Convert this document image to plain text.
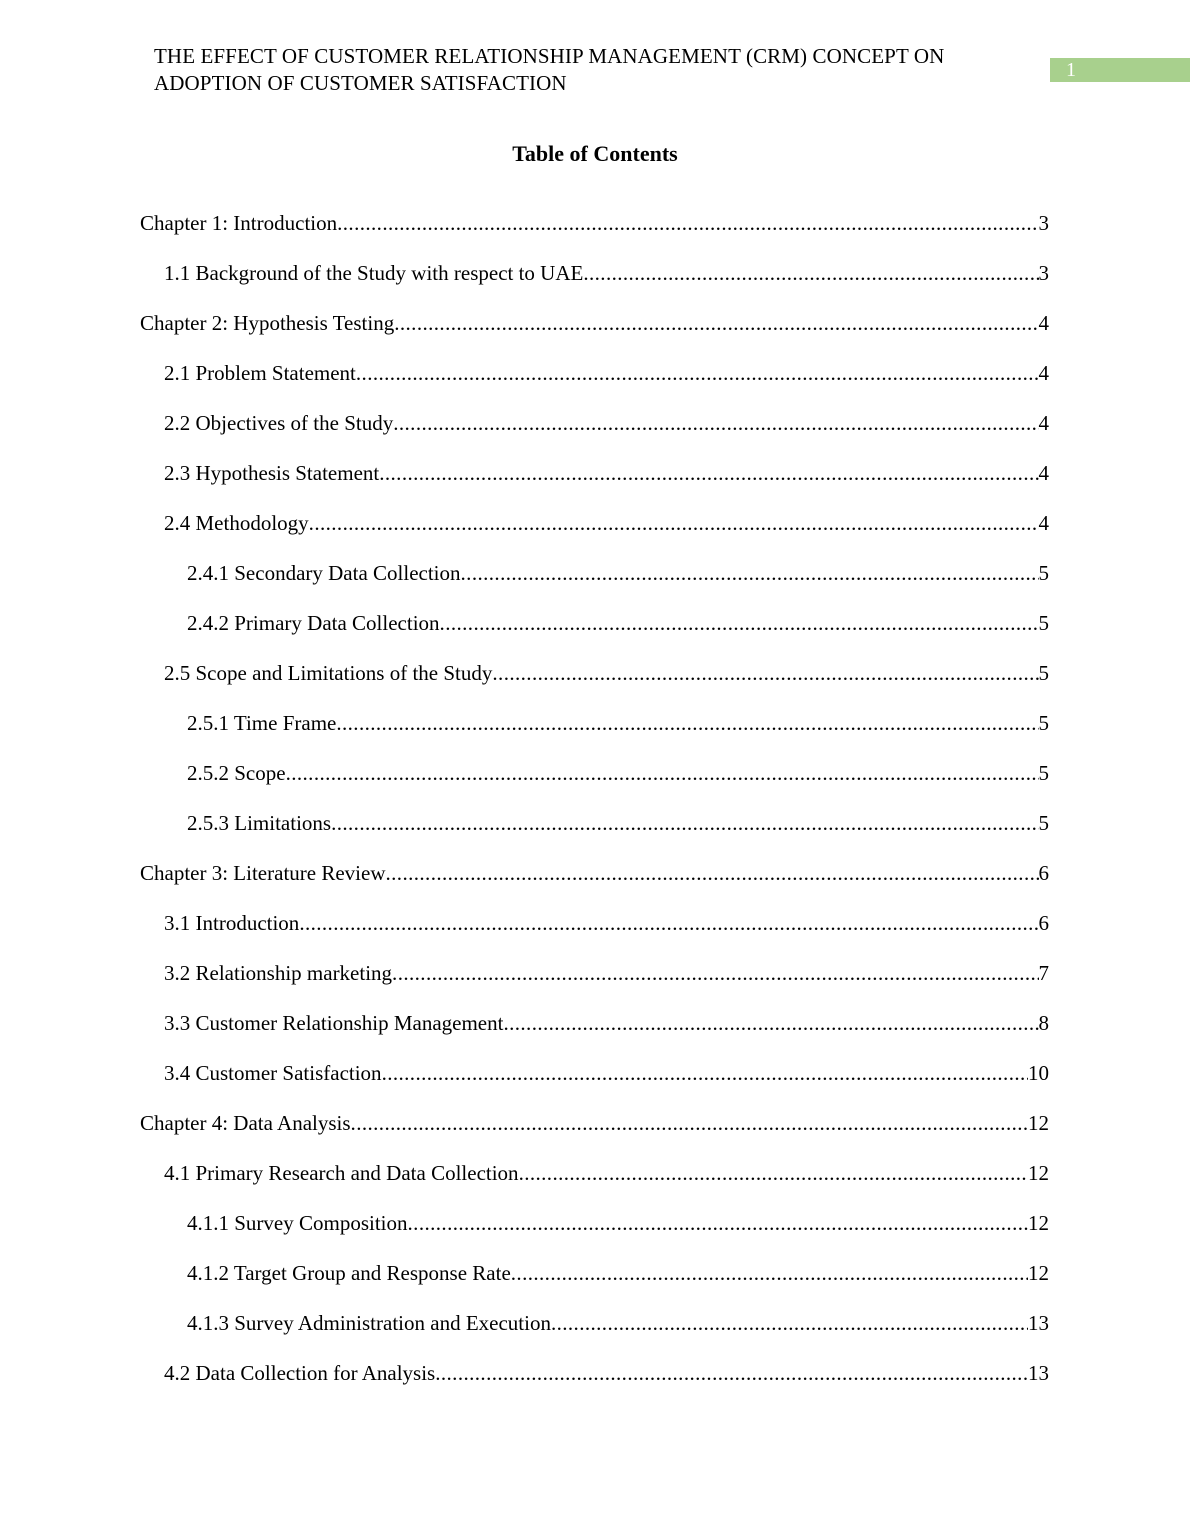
THE EFFECT OF CUSTOMER RELATIONSHIP MANAGEMENT (CRM) CONCEPT ON
ADOPTION OF CUSTOMER SATISFACTION
1
Table of Contents
Chapter 1: Introduction .....	3
1.1 Background of the Study with respect to UAE .....	3
Chapter 2: Hypothesis Testing .....	4
2.1 Problem Statement .....	4
2.2 Objectives of the Study .....	4
2.3 Hypothesis Statement .....	4
2.4 Methodology .....	4
2.4.1 Secondary Data Collection .....	5
2.4.2 Primary Data Collection .....	5
2.5 Scope and Limitations of the Study .....	5
2.5.1 Time Frame .....	5
2.5.2 Scope .....	5
2.5.3 Limitations .....	5
Chapter 3: Literature Review .....	6
3.1 Introduction .....	6
3.2 Relationship marketing .....	7
3.3 Customer Relationship Management .....	8
3.4 Customer Satisfaction .....	10
Chapter 4: Data Analysis .....	12
4.1 Primary Research and Data Collection .....	12
4.1.1 Survey Composition .....	12
4.1.2 Target Group and Response Rate .....	12
4.1.3 Survey Administration and Execution .....	13
4.2 Data Collection for Analysis .....	13
